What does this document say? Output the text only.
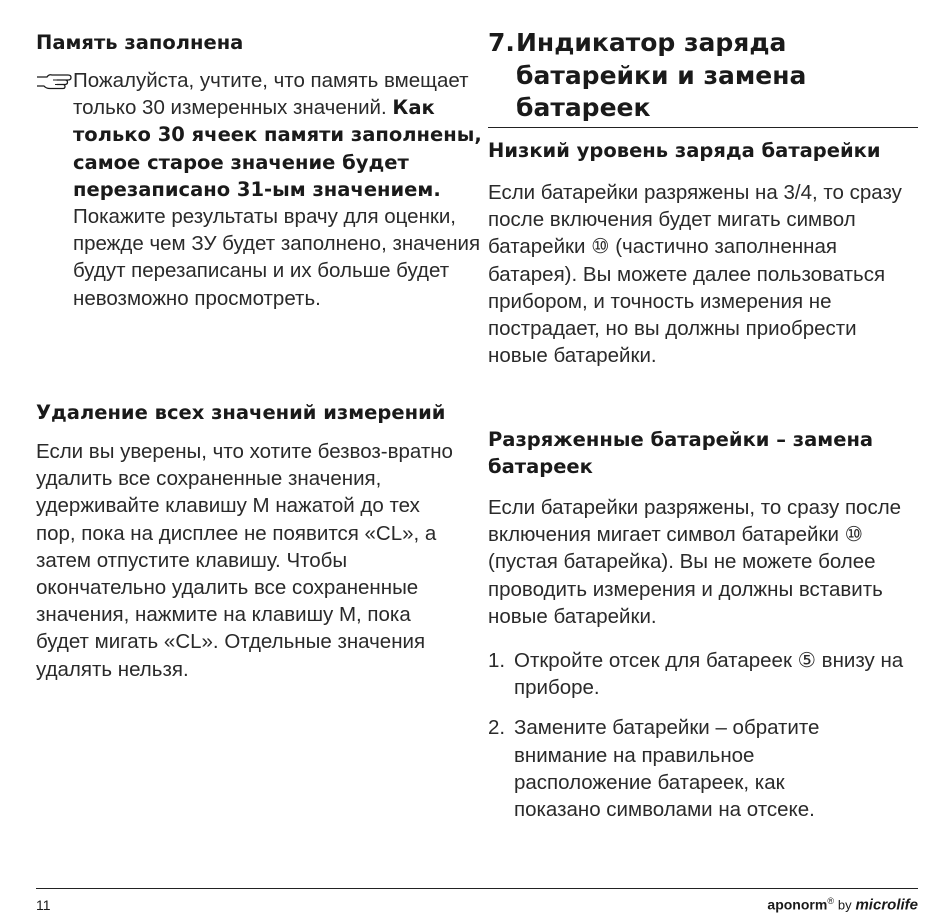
Память заполнена

Пожалуйста, учтите, что память вмещает только 30 измеренных значений. Как только 30 ячеек памяти заполнены, самое старое значение будет перезаписано 31-ым значением. Покажите результаты врачу для оценки, прежде чем ЗУ будет заполнено, значения будут перезаписаны и их больше будет невозможно просмотреть.

Удаление всех значений измерений

Если вы уверены, что хотите безвоз-вратно удалить все сохраненные значения, удерживайте клавишу M нажатой до тех пор, пока на дисплее не появится «CL», а затем отпустите клавишу. Чтобы окончательно удалить все сохраненные значения, нажмите на клавишу M, пока будет мигать «CL». Отдельные значения удалять нельзя.

7. Индикатор заряда батарейки и замена батареек
Низкий уровень заряда батарейки

Если батарейки разряжены на 3/4, то сразу после включения будет мигать символ батарейки ⑩ (частично заполненная батарея). Вы можете далее пользоваться прибором, и точность измерения не пострадает, но вы должны приобрести новые батарейки.

Разряженные батарейки – замена батареек

Если батарейки разряжены, то сразу после включения мигает символ батарейки ⑩ (пустая батарейка). Вы не можете более проводить измерения и должны вставить новые батарейки.

1. Откройте отсек для батареек ⑤ внизу на приборе.
2. Замените батарейки – обратите внимание на правильное расположение батареек, как показано символами на отсеке.
11	aponorm® by microlife
